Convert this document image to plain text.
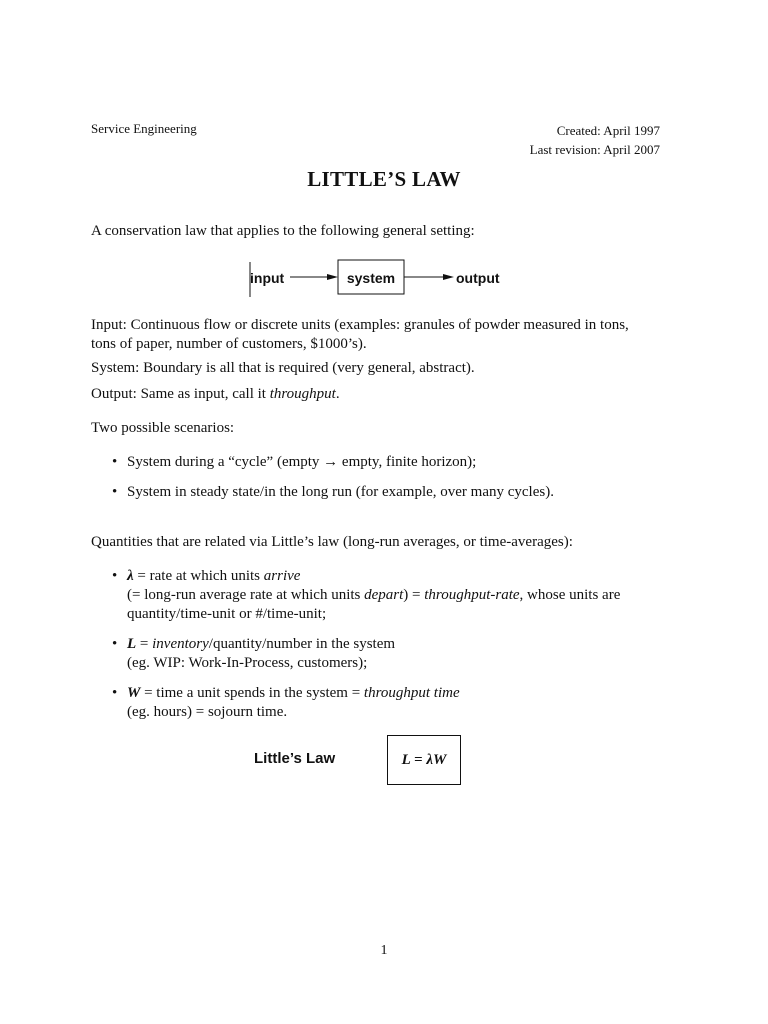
Service Engineering	Created: April 1997
Last revision: April 2007
LITTLE’S LAW
A conservation law that applies to the following general setting:
input	system	output
Input: Continuous flow or discrete units (examples: granules of powder measured in tons,
tons of paper, number of customers, $1000’s).
System: Boundary is all that is required (very general, abstract).
Output: Same as input, call it throughput.
Two possible scenarios:
• System during a “cycle” (empty → empty, finite horizon);
• System in steady state/in the long run (for example, over many cycles).
Quantities that are related via Little’s law (long-run averages, or time-averages):
• λ = rate at which units arrive
(= long-run average rate at which units depart) = throughput-rate, whose units are
quantity/time-unit or #/time-unit;
• L = inventory/quantity/number in the system
(eg. WIP: Work-In-Process, customers);
• W = time a unit spends in the system = throughput time
(eg. hours) = sojourn time.
Little’s Law	L = λW
1
